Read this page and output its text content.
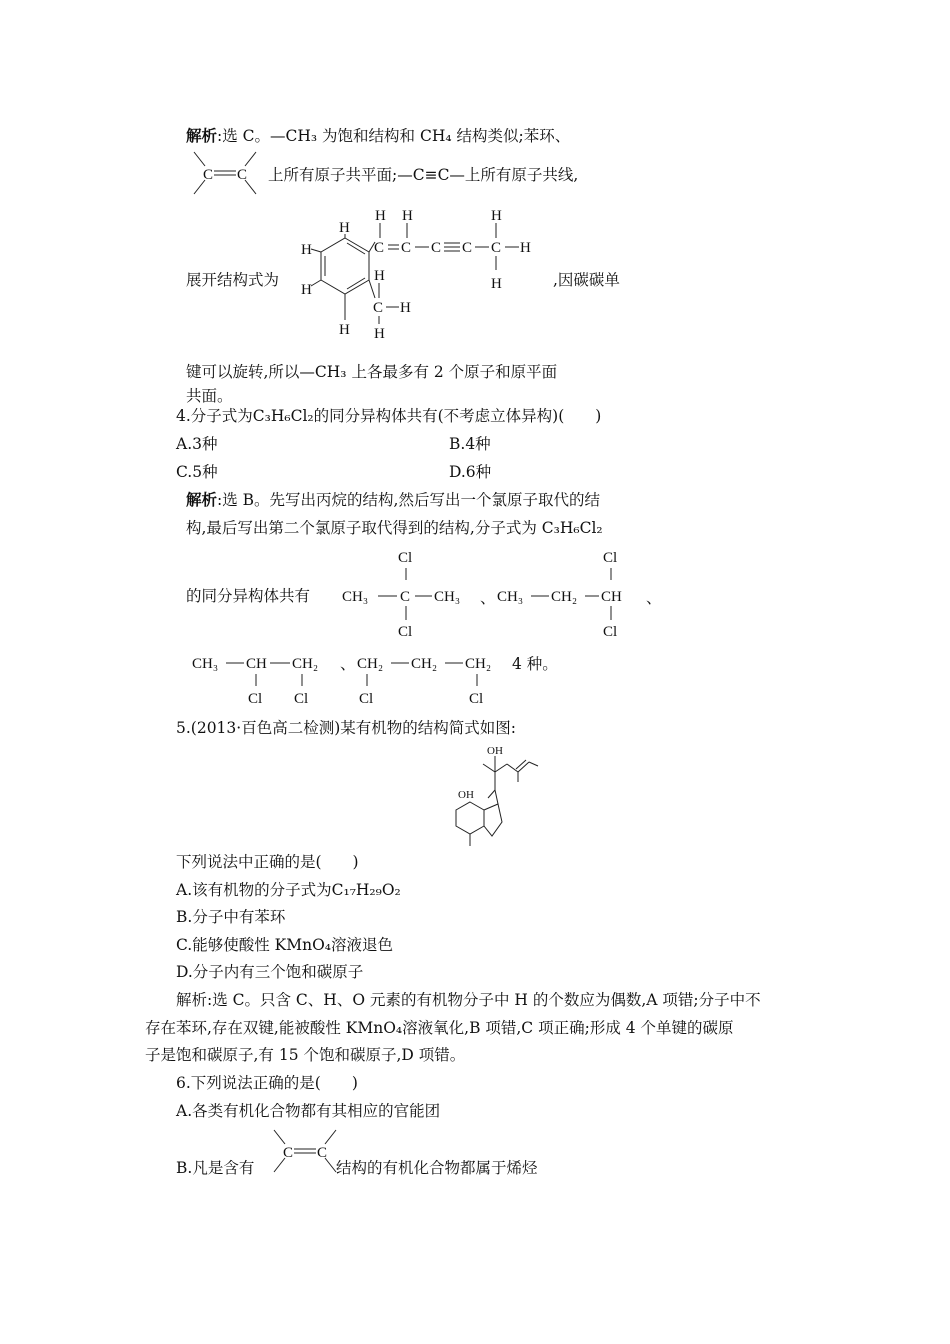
解析:选 C。—CH₃ 为饱和结构和 CH₄ 结构类似;苯环、
C C 上所有原子共平面;—C≡C—上所有原子共线,
展开结构式为
H
H
H
H
C
H
C
H
C C C
H
H
H
C H
H
H
,因碳碳单
键可以旋转,所以—CH₃ 上各最多有 2 个原子和原平面
共面。
4.分子式为C₃H₆Cl₂的同分异构体共有(不考虑立体异构)(　　)
A.3种	B.4种
C.5种	D.6种
解析:选 B。先写出丙烷的结构,然后写出一个氯原子取代的结
构,最后写出第二个氯原子取代得到的结构,分子式为 C₃H₆Cl₂
的同分异构体共有
Cl
CH₃ C CH₃
Cl
、 CH₃ CH₂ CH
Cl
Cl
、
CH₃ CH CH₂
Cl Cl
、 CH₂ CH₂ CH₂
Cl	Cl
4 种。
5.(2013·百色高二检测)某有机物的结构简式如图:
OH
OH
下列说法中正确的是(　　)
A.该有机物的分子式为C₁₇H₂₉O₂
B.分子中有苯环
C.能够使酸性 KMnO₄溶液退色
D.分子内有三个饱和碳原子
解析:选 C。只含 C、H、O 元素的有机物分子中 H 的个数应为偶数,A 项错;分子中不
存在苯环,存在双键,能被酸性 KMnO₄溶液氧化,B 项错,C 项正确;形成 4 个单键的碳原
子是饱和碳原子,有 15 个饱和碳原子,D 项错。
6.下列说法正确的是(　　)
A.各类有机化合物都有其相应的官能团
B.凡是含有
C C
结构的有机化合物都属于烯烃
